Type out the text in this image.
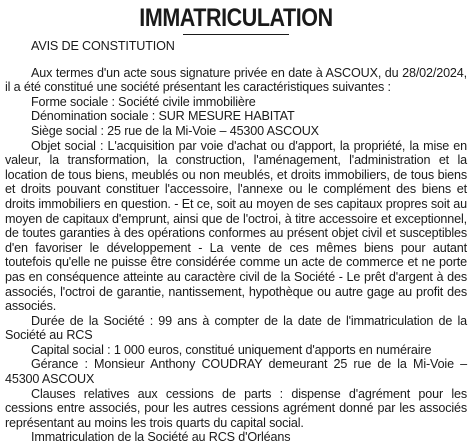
IMMATRICULATION

AVIS DE CONSTITUTION

Aux termes d'un acte sous signature privée en date à ASCOUX, du 28/02/2024, il a été constitué une société présentant les caractéristiques suivantes :

Forme sociale : Société civile immobilière

Dénomination sociale : SUR MESURE HABITAT

Siège social : 25 rue de la Mi-Voie – 45300 ASCOUX

Objet social : L'acquisition par voie d'achat ou d'apport, la propriété, la mise en valeur, la transformation, la construction, l'aménagement, l'administration et la location de tous biens, meublés ou non meublés, et droits immobiliers, de tous biens et droits pouvant constituer l'accessoire, l'annexe ou le complément des biens et droits immobiliers en question. - Et ce, soit au moyen de ses capitaux propres soit au moyen de capitaux d'emprunt, ainsi que de l'octroi, à titre accessoire et exceptionnel, de toutes garanties à des opérations conformes au présent objet civil et susceptibles d'en favoriser le développement - La vente de ces mêmes biens pour autant toutefois qu'elle ne puisse être considérée comme un acte de commerce et ne porte pas en conséquence atteinte au caractère civil de la Société - Le prêt d'argent à des associés, l'octroi de garantie, nantissement, hypothèque ou autre gage au profit des associés.

Durée de la Société : 99 ans à compter de la date de l'immatriculation de la Société au RCS

Capital social : 1 000 euros, constitué uniquement d'apports en numéraire

Gérance : Monsieur Anthony COUDRAY demeurant 25 rue de la Mi-Voie – 45300 ASCOUX

Clauses relatives aux cessions de parts : dispense d'agrément pour les cessions entre associés, pour les autres cessions agrément donné par les associés représentant au moins les trois quarts du capital social.

Immatriculation de la Société au RCS d'Orléans
